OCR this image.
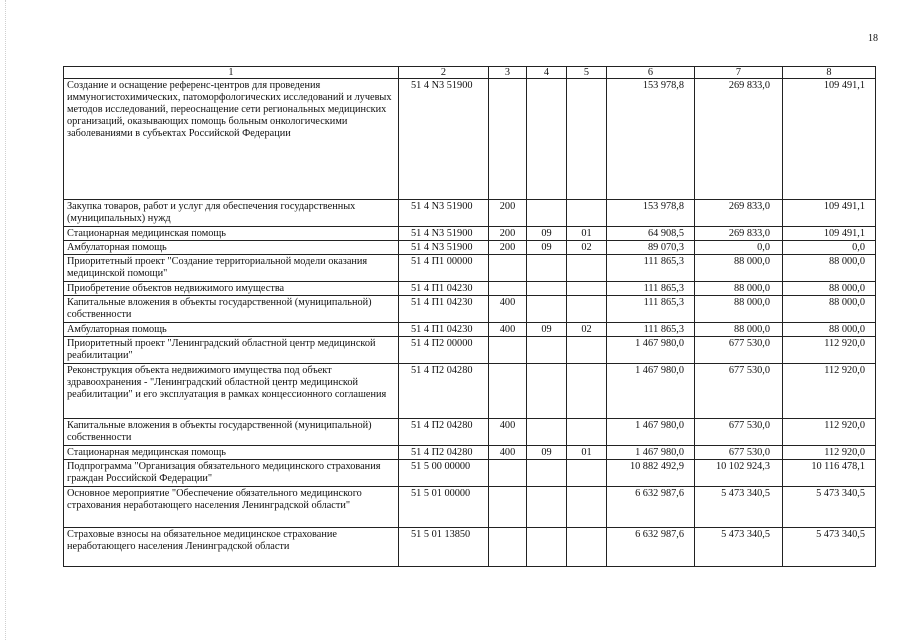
18
1	2	3	4	5	6	7	8
Создание и оснащение референс-центров для проведения иммуногистохимических, патоморфологических исследований и лучевых методов исследований, переоснащение сети региональных медицинских организаций, оказывающих помощь больным онкологическими заболеваниями в субъектах Российской Федерации	51 4 N3 51900				153 978,8	269 833,0	109 491,1
Закупка товаров, работ и услуг для обеспечения государственных (муниципальных) нужд	51 4 N3 51900	200			153 978,8	269 833,0	109 491,1
Стационарная медицинская помощь	51 4 N3 51900	200	09	01	64 908,5	269 833,0	109 491,1
Амбулаторная помощь	51 4 N3 51900	200	09	02	89 070,3	0,0	0,0
Приоритетный проект "Создание территориальной модели оказания медицинской помощи"	51 4 П1 00000				111 865,3	88 000,0	88 000,0
Приобретение объектов недвижимого имущества	51 4 П1 04230				111 865,3	88 000,0	88 000,0
Капитальные вложения в объекты государственной (муниципальной) собственности	51 4 П1 04230	400			111 865,3	88 000,0	88 000,0
Амбулаторная помощь	51 4 П1 04230	400	09	02	111 865,3	88 000,0	88 000,0
Приоритетный проект "Ленинградский областной центр медицинской реабилитации"	51 4 П2 00000				1 467 980,0	677 530,0	112 920,0
Реконструкция объекта недвижимого имущества под объект здравоохранения - "Ленинградский областной центр медицинской реабилитации" и его эксплуатация в рамках концессионного соглашения	51 4 П2 04280				1 467 980,0	677 530,0	112 920,0
Капитальные вложения в объекты государственной (муниципальной) собственности	51 4 П2 04280	400			1 467 980,0	677 530,0	112 920,0
Стационарная медицинская помощь	51 4 П2 04280	400	09	01	1 467 980,0	677 530,0	112 920,0
Подпрограмма "Организация обязательного медицинского страхования граждан Российской Федерации"	51 5 00 00000				10 882 492,9	10 102 924,3	10 116 478,1
Основное мероприятие "Обеспечение обязательного медицинского страхования неработающего населения Ленинградской области"	51 5 01 00000				6 632 987,6	5 473 340,5	5 473 340,5
Страховые взносы на обязательное медицинское страхование неработающего населения Ленинградской области	51 5 01 13850				6 632 987,6	5 473 340,5	5 473 340,5
